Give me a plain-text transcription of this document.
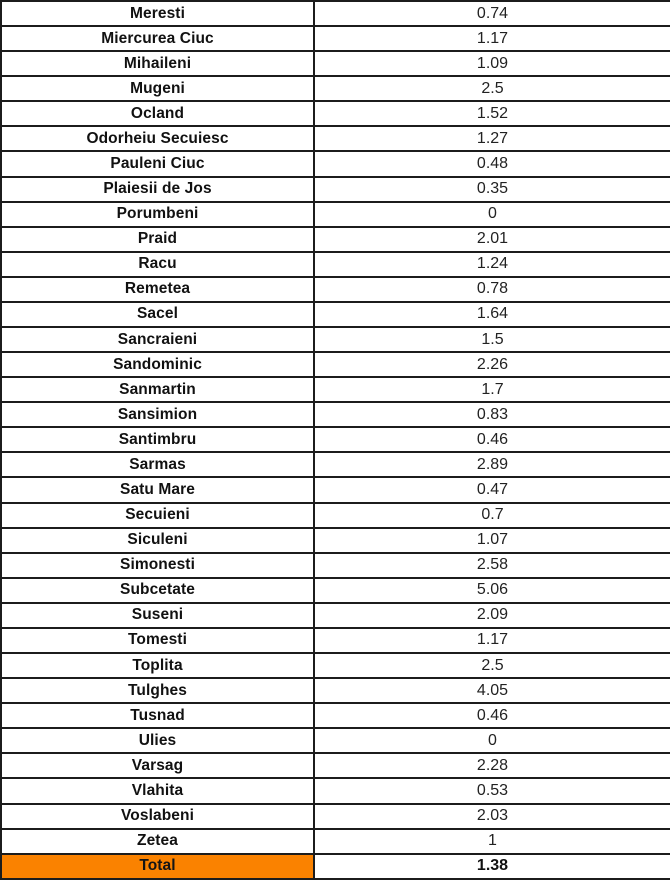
Meresti	0.74
Miercurea Ciuc	1.17
Mihaileni	1.09
Mugeni	2.5
Ocland	1.52
Odorheiu Secuiesc	1.27
Pauleni Ciuc	0.48
Plaiesii de Jos	0.35
Porumbeni	0
Praid	2.01
Racu	1.24
Remetea	0.78
Sacel	1.64
Sancraieni	1.5
Sandominic	2.26
Sanmartin	1.7
Sansimion	0.83
Santimbru	0.46
Sarmas	2.89
Satu Mare	0.47
Secuieni	0.7
Siculeni	1.07
Simonesti	2.58
Subcetate	5.06
Suseni	2.09
Tomesti	1.17
Toplita	2.5
Tulghes	4.05
Tusnad	0.46
Ulies	0
Varsag	2.28
Vlahita	0.53
Voslabeni	2.03
Zetea	1
Total	1.38
